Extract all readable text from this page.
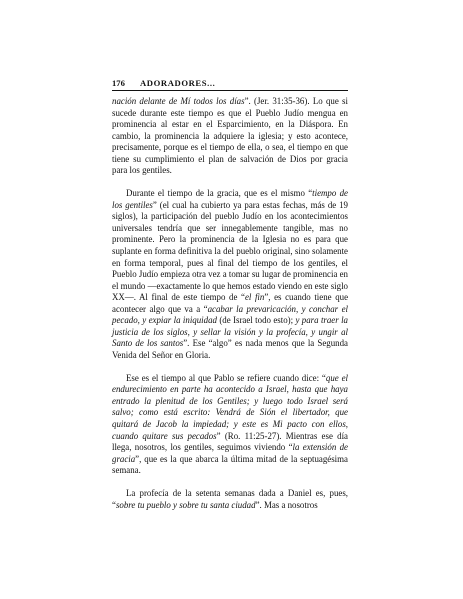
176 ADORADORES...

nación delante de Mí todos los días”. (Jer. 31:35-36). Lo que si sucede durante este tiempo es que el Pueblo Judío mengua en prominencia al estar en el Esparcimiento, en la Diáspora. En cambio, la prominencia la adquiere la iglesia; y esto acontece, precisamente, porque es el tiempo de ella, o sea, el tiempo en que tiene su cumplimiento el plan de salvación de Dios por gracia para los gentiles.

Durante el tiempo de la gracia, que es el mismo “tiempo de los gentiles” (el cual ha cubierto ya para estas fechas, más de 19 siglos), la participación del pueblo Judío en los acontecimientos universales tendría que ser innegablemente tangible, mas no prominente. Pero la prominencia de la Iglesia no es para que suplante en forma definitiva la del pueblo original, sino solamente en forma temporal, pues al final del tiempo de los gentiles, el Pueblo Judío empieza otra vez a tomar su lugar de prominencia en el mundo —exactamente lo que hemos estado viendo en este siglo XX—. Al final de este tiempo de “el fin”, es cuando tiene que acontecer algo que va a “acabar la prevaricación, y conchar el pecado, y expiar la iniquidad (de Israel todo esto); y para traer la justicia de los siglos, y sellar la visión y la profecía, y ungir al Santo de los santos”. Ese “algo” es nada menos que la Segunda Venida del Señor en Gloria.

Ese es el tiempo al que Pablo se refiere cuando dice: “que el endurecimiento en parte ha acontecido a Israel, hasta que haya entrado la plenitud de los Gentiles; y luego todo Israel será salvo; como está escrito: Vendrá de Sión el libertador, que quitará de Jacob la impiedad; y este es Mi pacto con ellos, cuando quitare sus pecados” (Ro. 11:25-27). Mientras ese día llega, nosotros, los gentiles, seguimos viviendo “la extensión de gracia”, que es la que abarca la última mitad de la septuagésima semana.

La profecía de la setenta semanas dada a Daniel es, pues, “sobre tu pueblo y sobre tu santa ciudad”. Mas a nosotros
